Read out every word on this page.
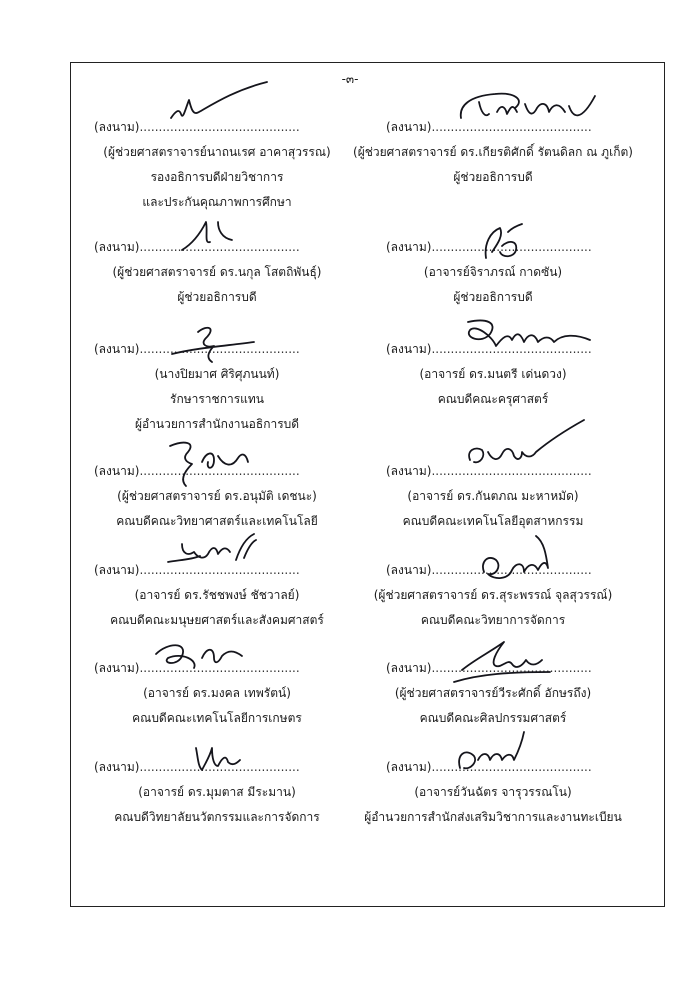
-๓-
(ลงนาม)..........................................
(ผู้ช่วยศาสตราจารย์นาถนเรศ อาคาสุวรรณ)
รองอธิการบดีฝ่ายวิชาการ
และประกันคุณภาพการศึกษา
(ลงนาม)..........................................
(ผู้ช่วยศาสตราจารย์ ดร.นกุล โสตถิพันธุ์)
ผู้ช่วยอธิการบดี
(ลงนาม)..........................................
(นางปิยมาศ ศิริศุภนนท์)
รักษาราชการแทน
ผู้อำนวยการสำนักงานอธิการบดี
(ลงนาม)..........................................
(ผู้ช่วยศาสตราจารย์ ดร.อนุมัติ เดชนะ)
คณบดีคณะวิทยาศาสตร์และเทคโนโลยี
(ลงนาม)..........................................
(อาจารย์ ดร.รัชชพงษ์ ชัชวาลย์)
คณบดีคณะมนุษยศาสตร์และสังคมศาสตร์
(ลงนาม)..........................................
(อาจารย์ ดร.มงคล เทพรัตน์)
คณบดีคณะเทคโนโลยีการเกษตร
(ลงนาม)..........................................
(อาจารย์ ดร.มุมตาส มีระมาน)
คณบดีวิทยาลัยนวัตกรรมและการจัดการ
(ลงนาม)..........................................
(ผู้ช่วยศาสตราจารย์ ดร.เกียรติศักดิ์ รัตนดิลก ณ ภูเก็ต)
ผู้ช่วยอธิการบดี
(ลงนาม)..........................................
(อาจารย์จิราภรณ์ กาดซัน)
ผู้ช่วยอธิการบดี
(ลงนาม)..........................................
(อาจารย์ ดร.มนตรี เด่นดวง)
คณบดีคณะครุศาสตร์
(ลงนาม)..........................................
(อาจารย์ ดร.กันตภณ มะหาหมัด)
คณบดีคณะเทคโนโลยีอุตสาหกรรม
(ลงนาม)..........................................
(ผู้ช่วยศาสตราจารย์ ดร.สุระพรรณ์ จุลสุวรรณ์)
คณบดีคณะวิทยาการจัดการ
(ลงนาม)..........................................
(ผู้ช่วยศาสตราจารย์วีระศักดิ์ อักษรถึง)
คณบดีคณะศิลปกรรมศาสตร์
(ลงนาม)..........................................
(อาจารย์วันฉัตร จารุวรรณโน)
ผู้อำนวยการสำนักส่งเสริมวิชาการและงานทะเบียน
